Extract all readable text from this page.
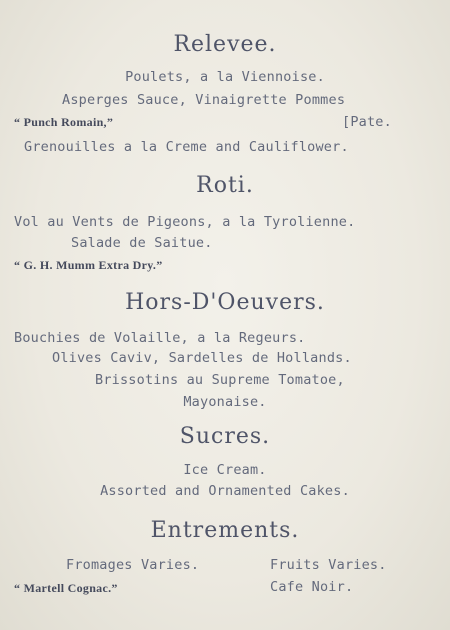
Relevee.
Poulets, a la Viennoise.
Asperges Sauce, Vinaigrette Pommes
“ Punch Romain,”	[Pate.
Grenouilles a la Creme and Cauliflower.
Roti.
Vol au Vents de Pigeons, a la Tyrolienne.
Salade de Saitue.
“ G. H. Mumm Extra Dry.”
Hors-D'Oeuvers.
Bouchies de Volaille, a la Regeurs.
Olives Caviv, Sardelles de Hollands.
Brissotins au Supreme Tomatoe,
Mayonaise.
Sucres.
Ice Cream.
Assorted and Ornamented Cakes.
Entrements.
Fromages Varies.	Fruits Varies.
“ Martell Cognac.”	Cafe Noir.
